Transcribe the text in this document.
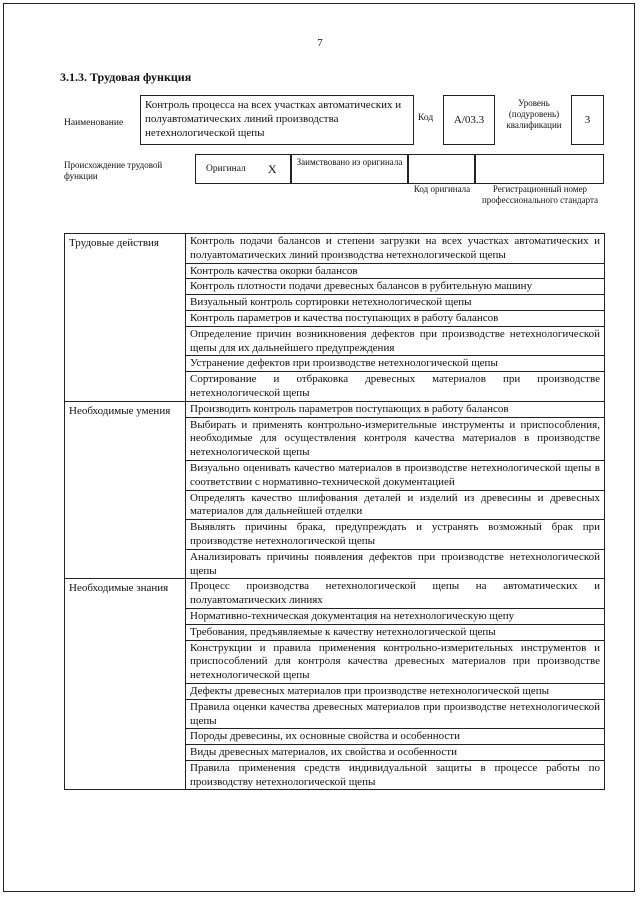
7
3.1.3. Трудовая функция
Наименование
Контроль процесса на всех участках автоматических и полуавтоматических линий производства нетехнологической щепы
Код	А/03.3
Уровень (подуровень) квалификации	3
Происхождение трудовой функции
Оригинал X	Заимствовано из оригинала
Код оригинала	Регистрационный номер профессионального стандарта
Трудовые действия	Контроль подачи балансов и степени загрузки на всех участках автоматических и полуавтоматических линий производства нетехнологической щепы
	Контроль качества окорки балансов
	Контроль плотности подачи древесных балансов в рубительную машину
	Визуальный контроль сортировки нетехнологической щепы
	Контроль параметров и качества поступающих в работу балансов
	Определение причин возникновения дефектов при производстве нетехнологической щепы для их дальнейшего предупреждения
	Устранение дефектов при производстве нетехнологической щепы
	Сортирование и отбраковка древесных материалов при производстве нетехнологической щепы
Необходимые умения	Производить контроль параметров поступающих в работу балансов
	Выбирать и применять контрольно-измерительные инструменты и приспособления, необходимые для осуществления контроля качества материалов в производстве нетехнологической щепы
	Визуально оценивать качество материалов в производстве нетехнологической щепы в соответствии с нормативно-технической документацией
	Определять качество шлифования деталей и изделий из древесины и древесных материалов для дальнейшей отделки
	Выявлять причины брака, предупреждать и устранять возможный брак при производстве нетехнологической щепы
	Анализировать причины появления дефектов при производстве нетехнологической щепы
Необходимые знания	Процесс производства нетехнологической щепы на автоматических и полуавтоматических линиях
	Нормативно-техническая документация на нетехнологическую щепу
	Требования, предъявляемые к качеству нетехнологической щепы
	Конструкции и правила применения контрольно-измерительных инструментов и приспособлений для контроля качества древесных материалов при производстве нетехнологической щепы
	Дефекты древесных материалов при производстве нетехнологической щепы
	Правила оценки качества древесных материалов при производстве нетехнологической щепы
	Породы древесины, их основные свойства и особенности
	Виды древесных материалов, их свойства и особенности
	Правила применения средств индивидуальной защиты в процессе работы по производству нетехнологической щепы
